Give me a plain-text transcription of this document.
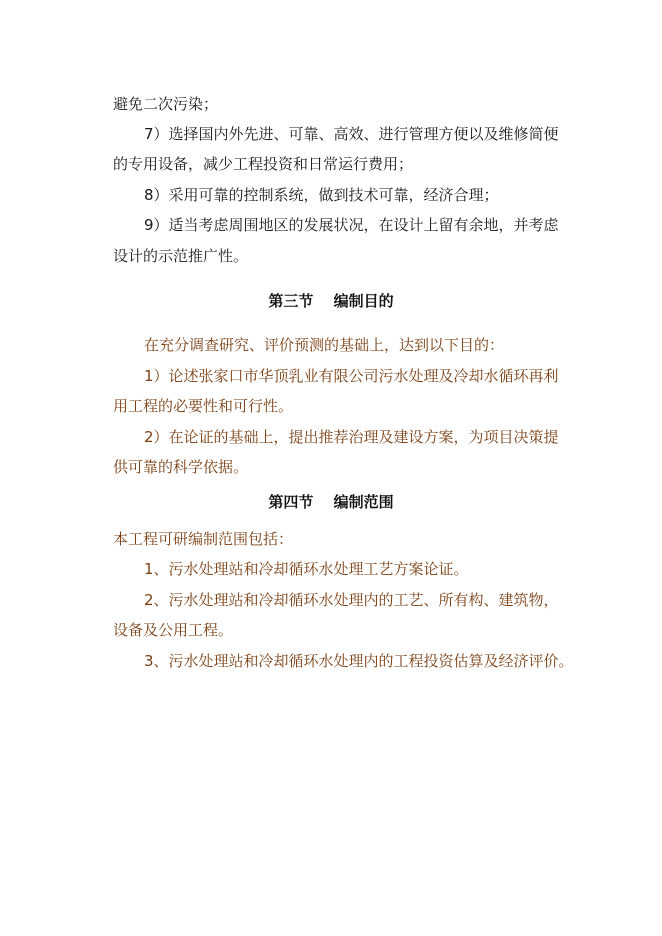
避免二次污染；
7）选择国内外先进、可靠、高效、进行管理方便以及维修简便
的专用设备，减少工程投资和日常运行费用；
8）采用可靠的控制系统，做到技术可靠，经济合理；
9）适当考虑周围地区的发展状况，在设计上留有余地，并考虑
设计的示范推广性。
第三节　 编制目的
在充分调查研究、评价预测的基础上，达到以下目的：
1）论述张家口市华顶乳业有限公司污水处理及冷却水循环再利
用工程的必要性和可行性。
2）在论证的基础上，提出推荐治理及建设方案，为项目决策提
供可靠的科学依据。
第四节　 编制范围
本工程可研编制范围包括：
1、污水处理站和冷却循环水处理工艺方案论证。
2、污水处理站和冷却循环水处理内的工艺、所有构、建筑物，
设备及公用工程。
3、污水处理站和冷却循环水处理内的工程投资估算及经济评价。
